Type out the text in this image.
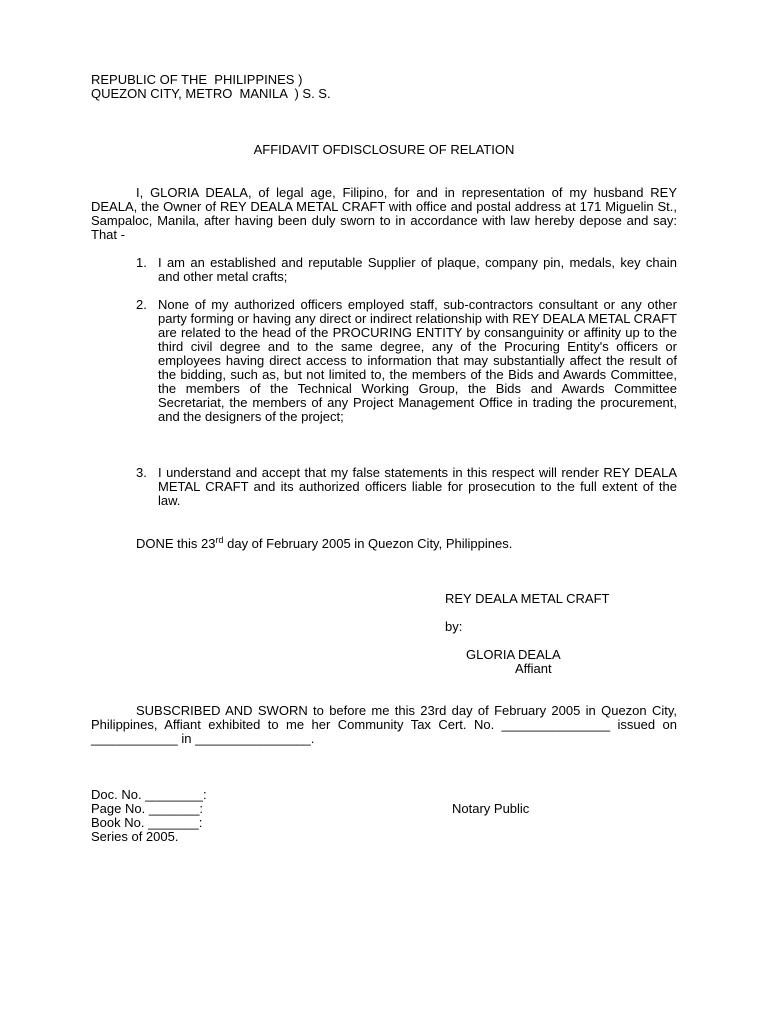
REPUBLIC OF THE  PHILIPPINES )
QUEZON CITY, METRO  MANILA  ) S. S.
AFFIDAVIT OFDISCLOSURE OF RELATION
I, GLORIA DEALA, of legal age, Filipino, for and in representation of my husband REY DEALA, the Owner of REY DEALA METAL CRAFT with office and postal address at 171 Miguelin St., Sampaloc, Manila, after having been duly sworn to in accordance with law hereby depose and say: That -
1. I am an established and reputable Supplier of plaque, company pin, medals, key chain and other metal crafts;
2. None of my authorized officers employed staff, sub-contractors consultant or any other party forming or having any direct or indirect relationship with REY DEALA METAL CRAFT are related to the head of the PROCURING ENTITY by consanguinity or affinity up to the third civil degree and to the same degree, any of the Procuring Entity's officers or employees having direct access to information that may substantially affect the result of the bidding, such as, but not limited to, the members of the Bids and Awards Committee, the members of the Technical Working Group, the Bids and Awards Committee Secretariat, the members of any Project Management Office in trading the procurement, and the designers of the project;
3. I understand and accept that my false statements in this respect will render REY DEALA METAL CRAFT and its authorized officers liable for prosecution to the full extent of the law.
DONE this 23rd day of February 2005 in Quezon City, Philippines.
REY DEALA METAL CRAFT
by:
GLORIA DEALA
Affiant
SUBSCRIBED AND SWORN to before me this 23rd day of February 2005 in Quezon City, Philippines, Affiant exhibited to me her Community Tax Cert. No. _______________ issued on ____________ in ________________.
Doc. No. ________:
Page No. _______:
Book No. _______:
Series of 2005.
Notary Public
